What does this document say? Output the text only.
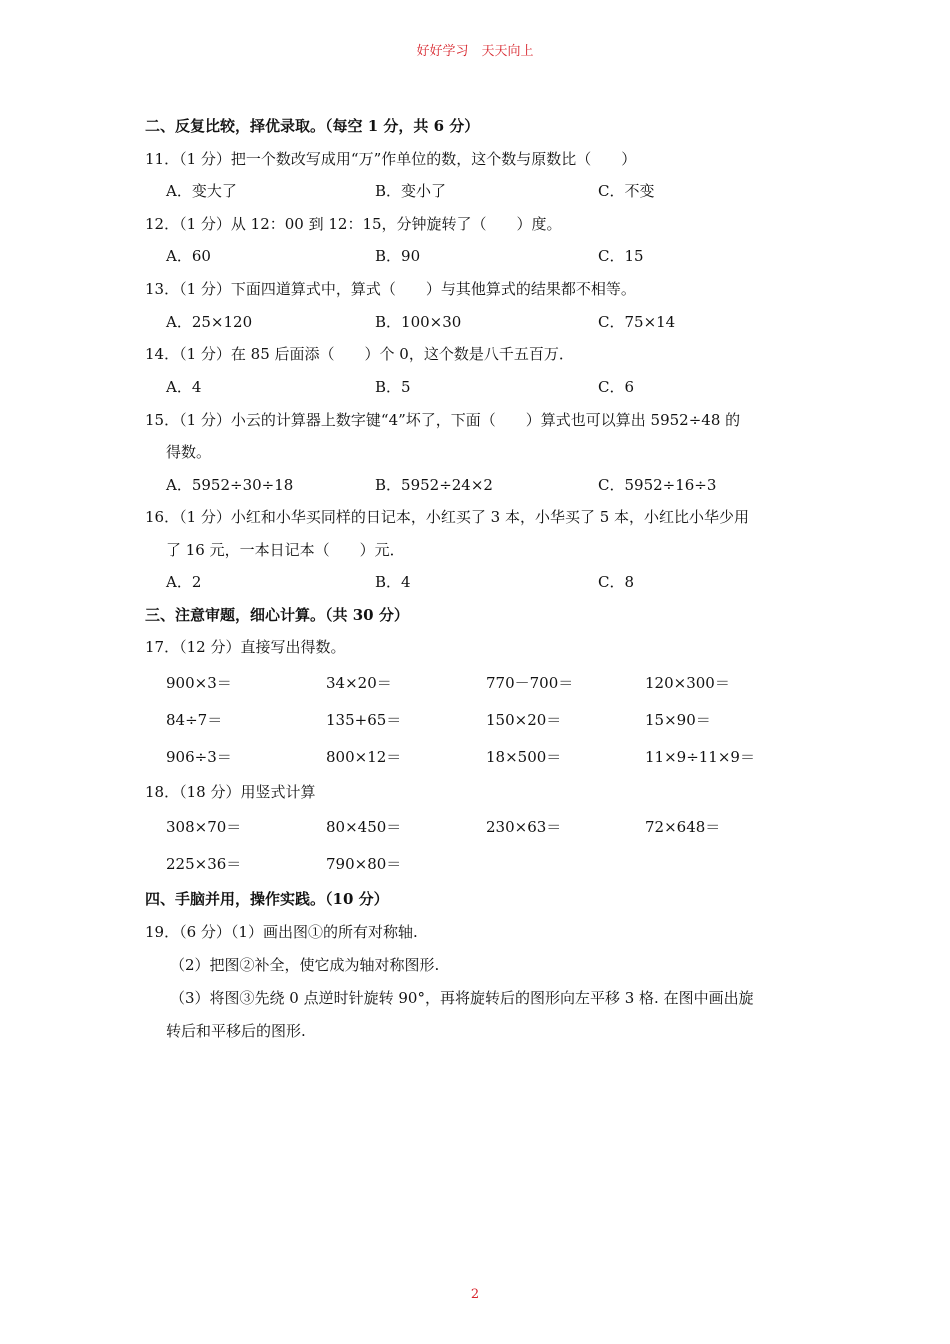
好好学习　天天向上
二、反复比较，择优录取。（每空 1 分，共 6 分）
11．（1 分）把一个数改写成用“万”作单位的数，这个数与原数比（　　）
A．变大了	B．变小了	C．不变
12．（1 分）从 12：00 到 12：15，分钟旋转了（　　）度。
A．60	B．90	C．15
13．（1 分）下面四道算式中，算式（　　）与其他算式的结果都不相等。
A．25×120	B．100×30	C．75×14
14．（1 分）在 85 后面添（　　）个 0，这个数是八千五百万．
A．4	B．5	C．6
15．（1 分）小云的计算器上数字键“4”坏了，下面（　　）算式也可以算出 5952÷48 的
得数。
A．5952÷30÷18	B．5952÷24×2	C．5952÷16÷3
16．（1 分）小红和小华买同样的日记本，小红买了 3 本，小华买了 5 本，小红比小华少用
了 16 元，一本日记本（　　）元．
A．2	B．4	C．8
三、注意审题，细心计算。（共 30 分）
17．（12 分）直接写出得数。
900×3＝	34×20＝	770－700＝	120×300＝
84÷7＝	135+65＝	150×20＝	15×90＝
906÷3＝	800×12＝	18×500＝	11×9÷11×9＝
18．（18 分）用竖式计算
308×70＝	80×450＝	230×63＝	72×648＝
225×36＝	790×80＝
四、手脑并用，操作实践。（10 分）
19．（6 分）（1）画出图①的所有对称轴.
（2）把图②补全，使它成为轴对称图形.
（3）将图③先绕 0 点逆时针旋转 90°，再将旋转后的图形向左平移 3 格. 在图中画出旋
转后和平移后的图形.
2
